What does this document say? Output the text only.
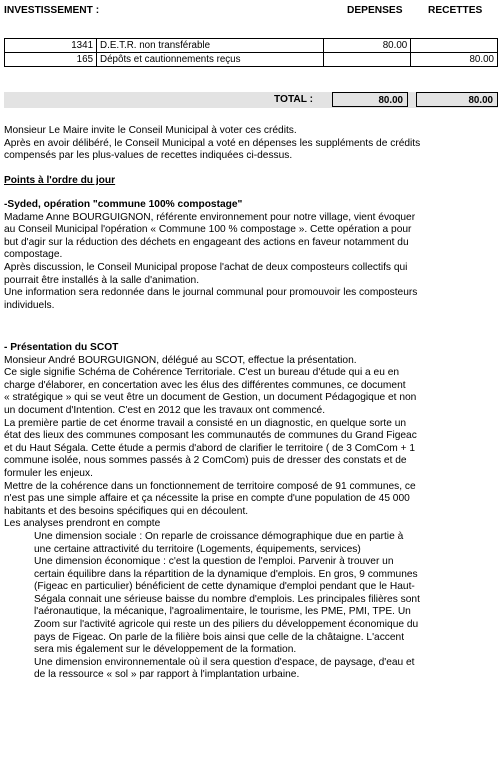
INVESTISSEMENT :	DEPENSES	RECETTES
1341	D.E.T.R. non transférable	80.00	
165	Dépôts et cautionnements reçus		80.00
TOTAL :	80.00	80.00

Monsieur Le Maire invite le Conseil Municipal à voter ces crédits.

Après en avoir délibéré, le Conseil Municipal a voté en dépenses les suppléments de crédits

compensés par les plus-values de recettes indiquées ci-dessus.

Points à l'ordre du jour

-Syded, opération "commune 100% compostage"

Madame Anne BOURGUIGNON, référente environnement pour notre village, vient évoquer

au Conseil Municipal l'opération « Commune 100 % compostage ». Cette opération a pour

but d'agir sur la réduction des déchets en engageant des actions en faveur notamment du

compostage.

Après discussion, le Conseil Municipal propose l'achat de deux composteurs collectifs qui

pourrait être installés à la salle d'animation.

Une information sera redonnée dans le journal communal pour promouvoir les composteurs

individuels.

- Présentation du SCOT

Monsieur André BOURGUIGNON, délégué au SCOT, effectue la présentation.

Ce sigle signifie Schéma de Cohérence Territoriale. C'est un bureau d'étude qui a eu en

charge d'élaborer, en concertation avec les élus des différentes communes, ce document

« stratégique » qui se veut être un document de Gestion, un document Pédagogique et non

un document d'Intention. C'est en 2012 que les travaux ont commencé.

La première partie de cet énorme travail a consisté en un diagnostic, en quelque sorte un

état des lieux des communes composant les communautés de communes du Grand Figeac

et du Haut Ségala. Cette étude a permis d'abord de clarifier le territoire ( de 3 ComCom + 1

commune isolée, nous sommes passés à 2 ComCom) puis de dresser des constats et de

formuler les enjeux.

Mettre de la cohérence dans un fonctionnement de territoire composé de 91 communes, ce

n'est pas une simple affaire et ça nécessite la prise en compte d'une population de 45 000

habitants et des besoins spécifiques qui en découlent.

Les analyses prendront en compte

Une dimension sociale : On reparle de croissance démographique due en partie à

une certaine attractivité du territoire (Logements, équipements, services)

Une dimension économique : c'est la question de l'emploi. Parvenir à trouver un

certain équilibre dans la répartition de la dynamique d'emplois. En gros, 9 communes

(Figeac en particulier) bénéficient de cette dynamique d'emploi pendant que le Haut-

Ségala connait une sérieuse baisse du nombre d'emplois. Les principales filières sont

l'aéronautique, la mécanique, l'agroalimentaire, le tourisme, les PME, PMI, TPE. Un

Zoom sur l'activité agricole qui reste un des piliers du développement économique du

pays de Figeac. On parle de la filière bois ainsi que celle de la châtaigne. L'accent

sera mis également sur le développement de la formation.

Une dimension environnementale où il sera question d'espace, de paysage, d'eau et

de la ressource « sol » par rapport à l'implantation urbaine.
